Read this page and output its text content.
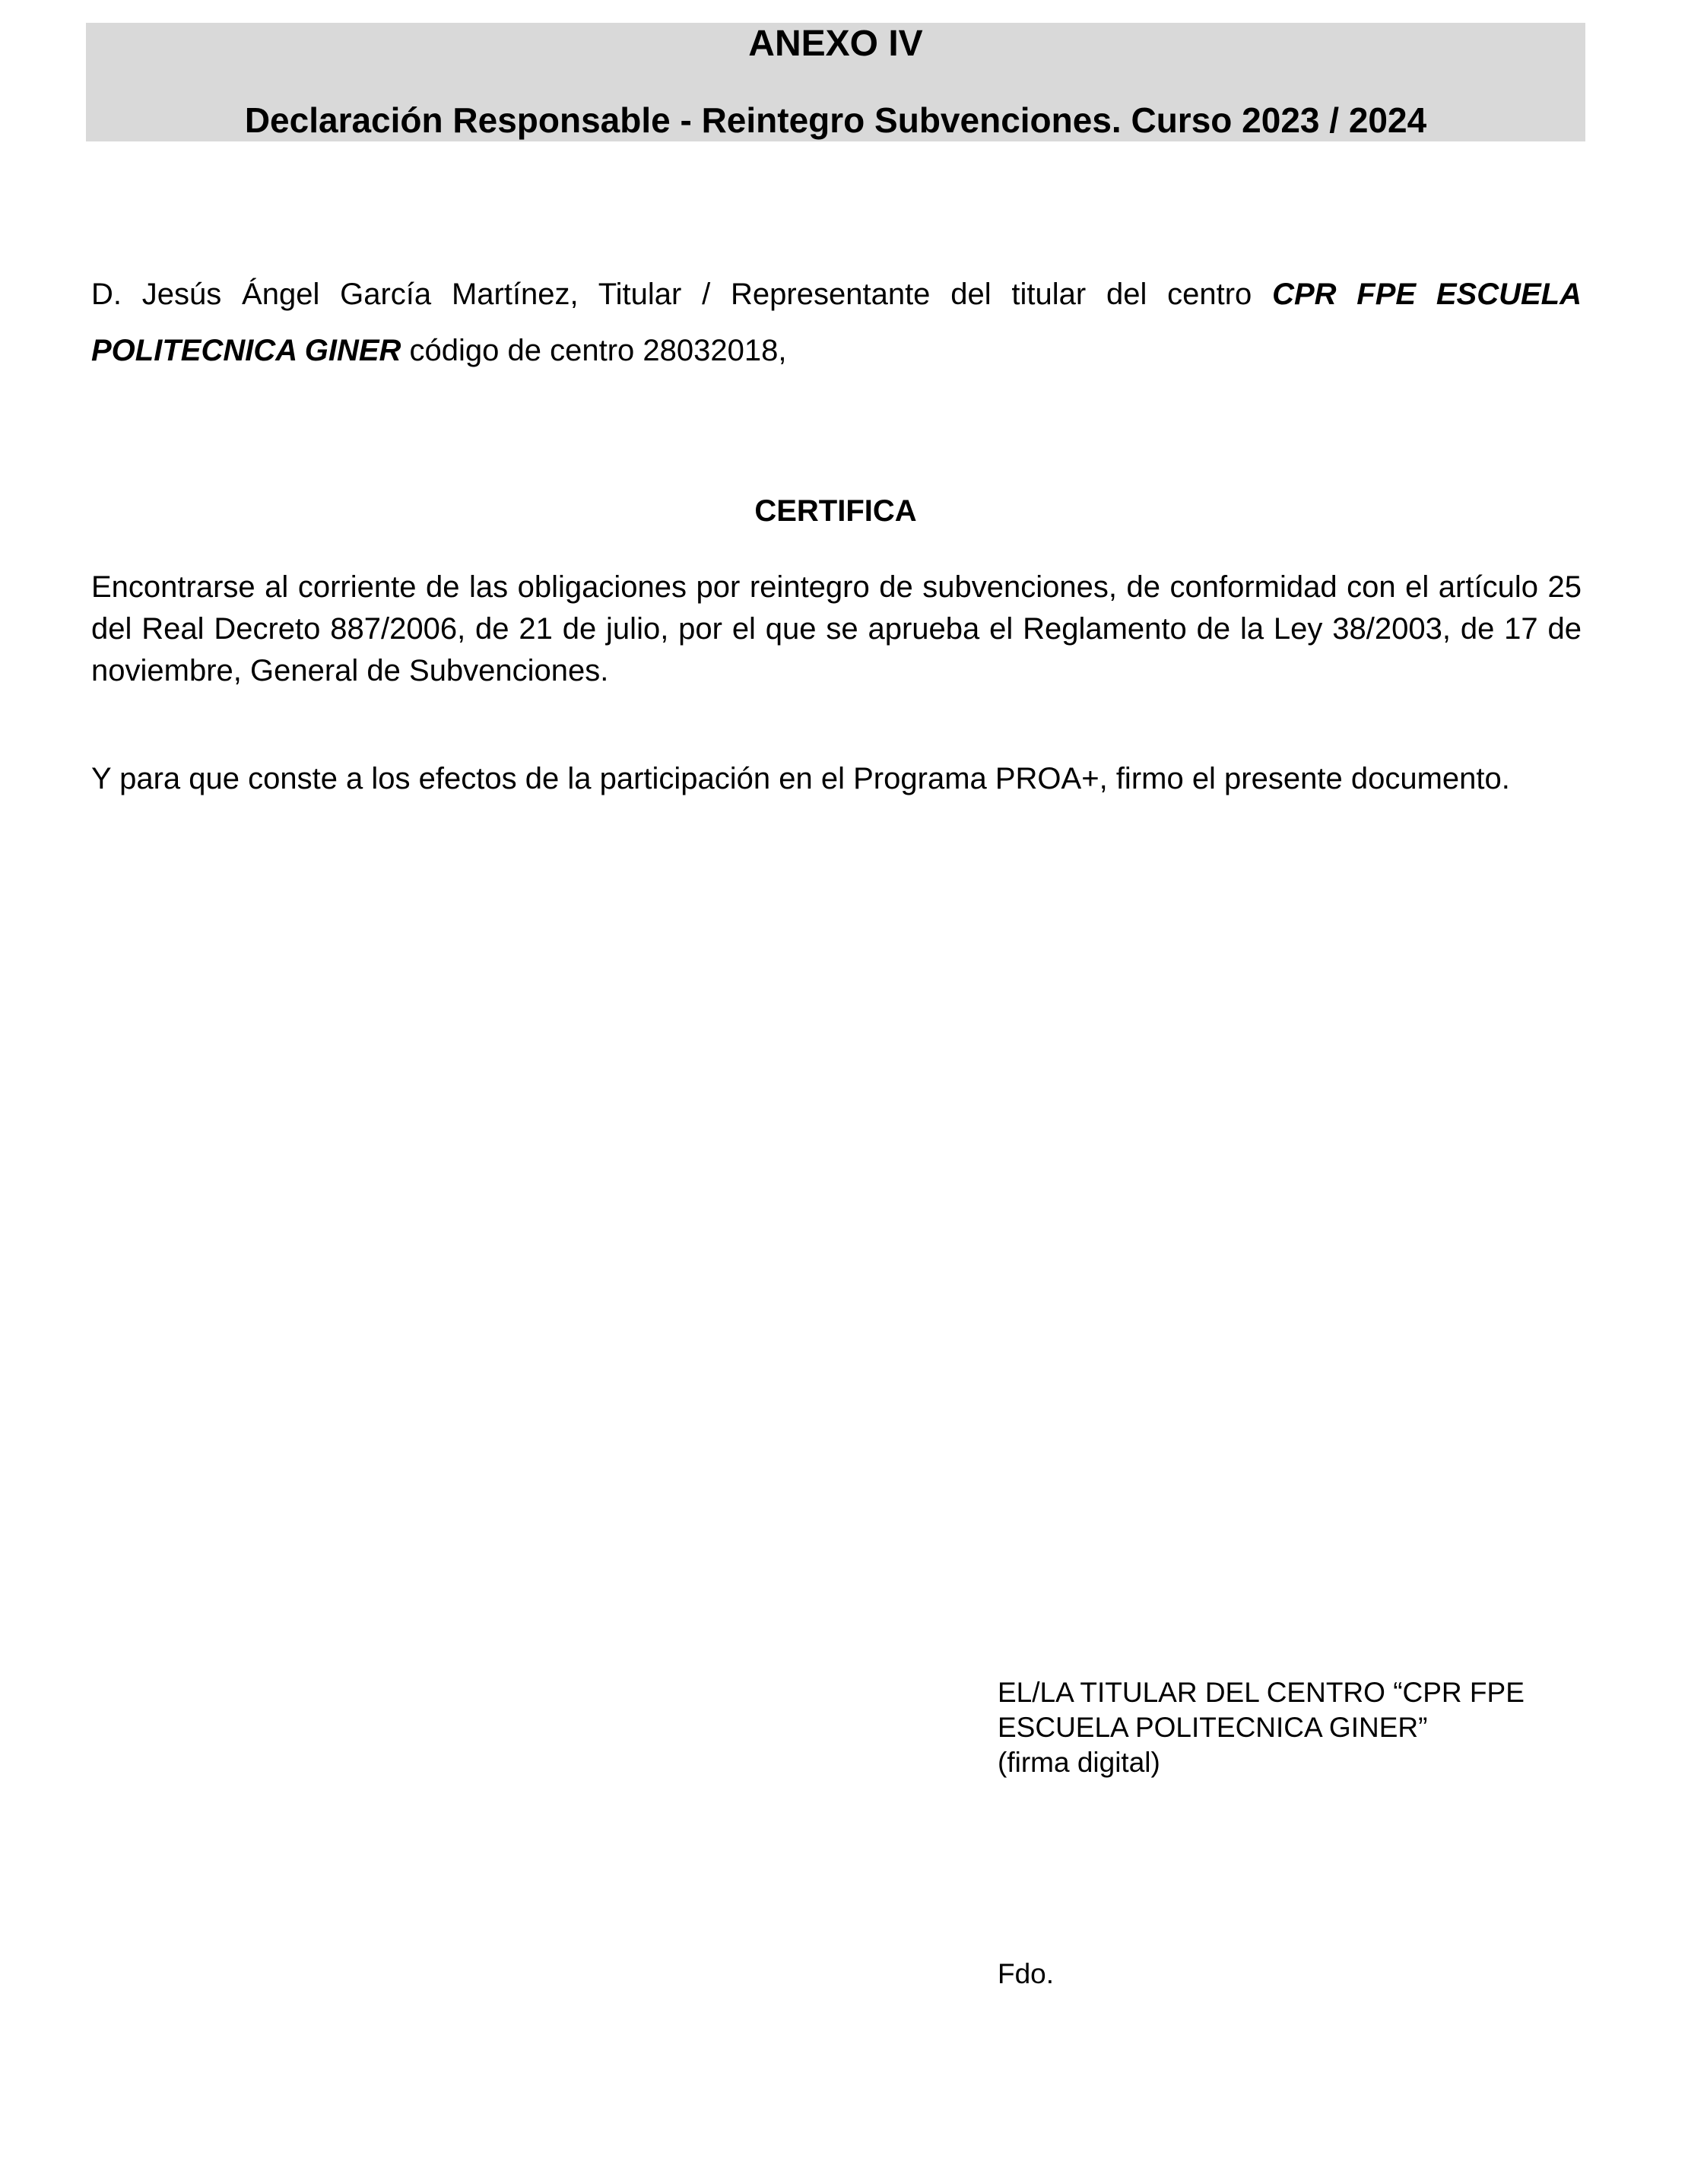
ANEXO IV
Declaración Responsable - Reintegro Subvenciones. Curso 2023 / 2024

D. Jesús Ángel García Martínez, Titular / Representante del titular del centro CPR FPE ESCUELA POLITECNICA GINER código de centro 28032018,

CERTIFICA

Encontrarse al corriente de las obligaciones por reintegro de subvenciones, de conformidad con el artículo 25 del Real Decreto 887/2006, de 21 de julio, por el que se aprueba el Reglamento de la Ley 38/2003, de 17 de noviembre, General de Subvenciones.

Y para que conste a los efectos de la participación en el Programa PROA+, firmo el presente documento.

EL/LA TITULAR DEL CENTRO “CPR FPE
ESCUELA POLITECNICA GINER”
(firma digital)
Fdo.
